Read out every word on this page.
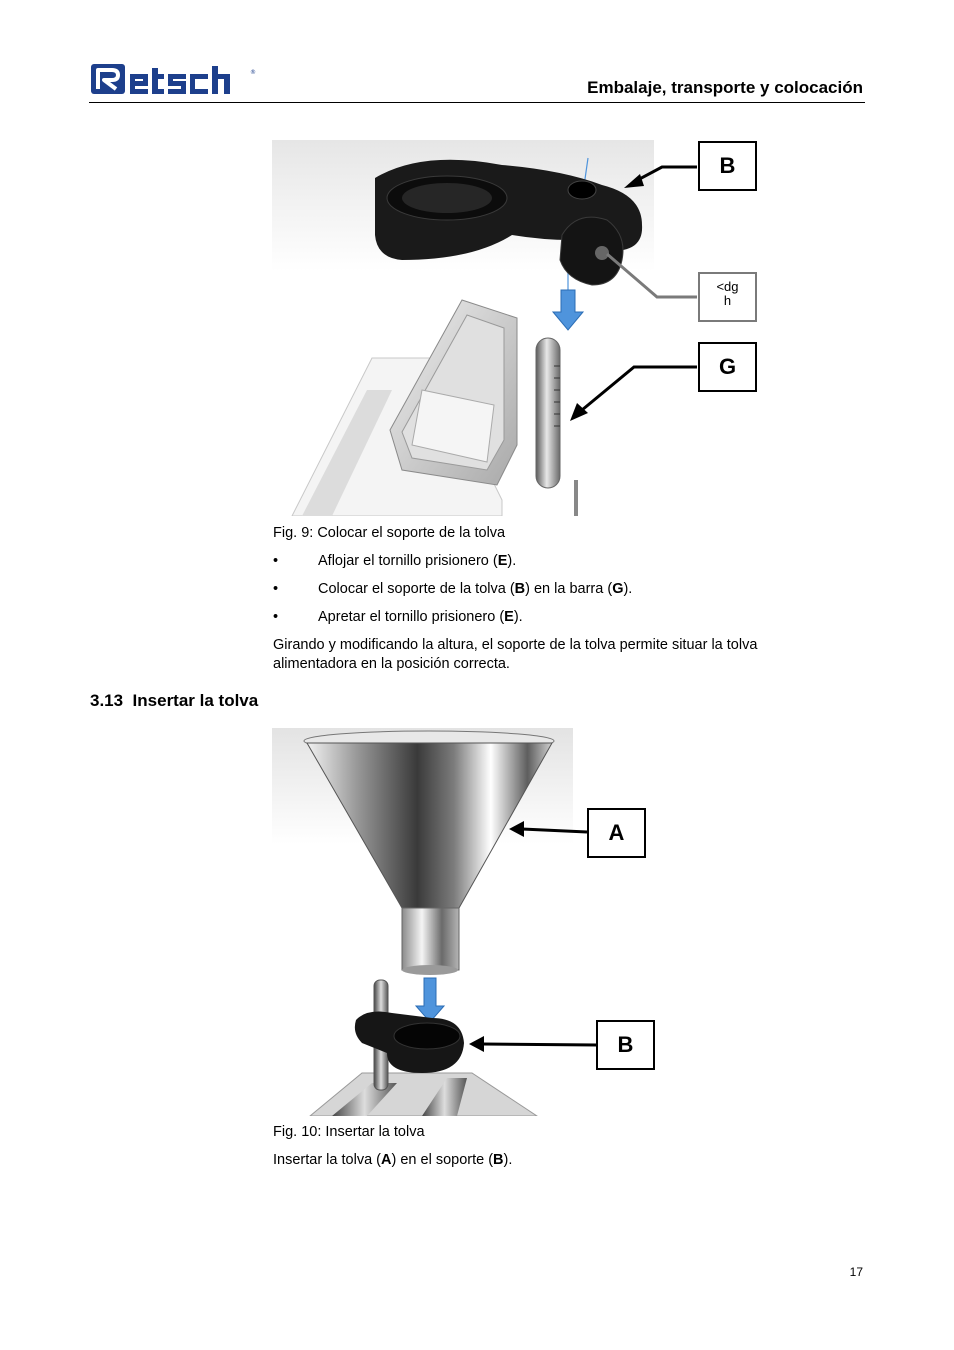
®
Embalaje, transporte y colocación
B
<dg
h
G
Fig. 9: Colocar el soporte de la tolva
•	Aflojar el tornillo prisionero (E).
•	Colocar el soporte de la tolva (B) en la barra (G).
•	Apretar el tornillo prisionero (E).
Girando y modificando la altura, el soporte de la tolva permite situar la tolva alimentadora en la posición correcta.
3.13 Insertar la tolva
A
B
Fig. 10: Insertar la tolva
Insertar la tolva (A) en el soporte (B).
17
